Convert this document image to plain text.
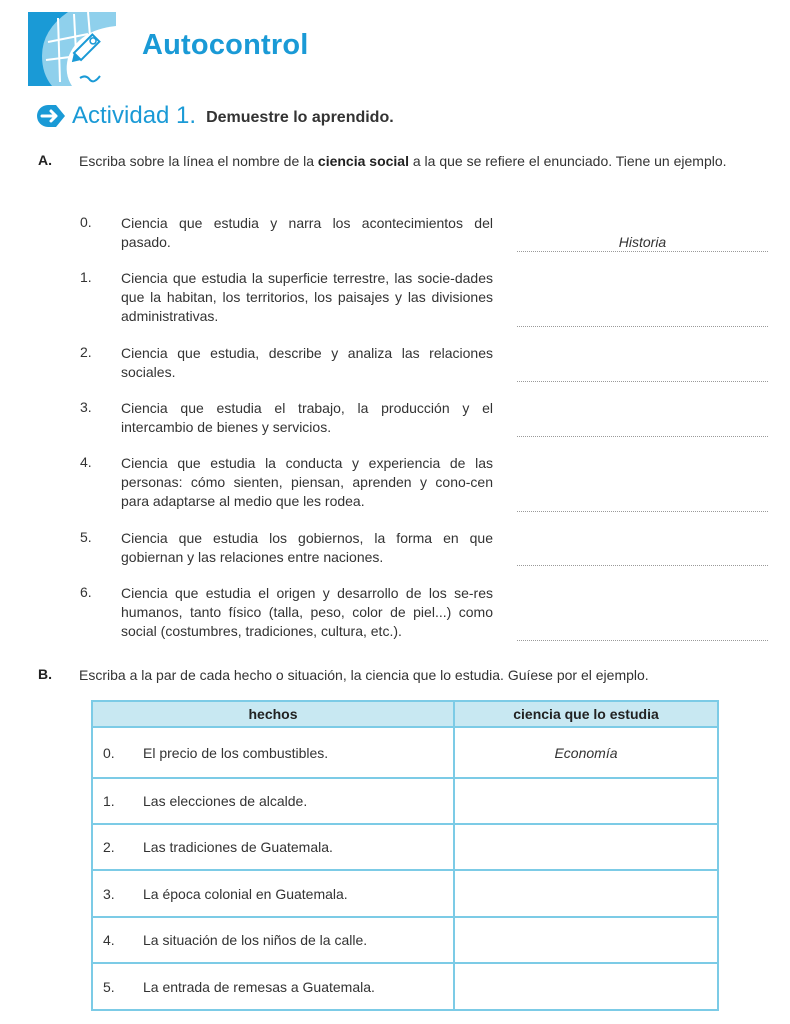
Autocontrol
Actividad 1. Demuestre lo aprendido.
A. Escriba sobre la línea el nombre de la ciencia social a la que se refiere el enunciado. Tiene un ejemplo.
0. Ciencia que estudia y narra los acontecimientos del pasado.	Historia
1. Ciencia que estudia la superficie terrestre, las socie-dades que la habitan, los territorios, los paisajes y las divisiones administrativas.
2. Ciencia que estudia, describe y analiza las relaciones sociales.
3. Ciencia que estudia el trabajo, la producción y el intercambio de bienes y servicios.
4. Ciencia que estudia la conducta y experiencia de las personas: cómo sienten, piensan, aprenden y cono-cen para adaptarse al medio que les rodea.
5. Ciencia que estudia los gobiernos, la forma en que gobiernan y las relaciones entre naciones.
6. Ciencia que estudia el origen y desarrollo de los se-res humanos, tanto físico (talla, peso, color de piel...) como social (costumbres, tradiciones, cultura, etc.).
B. Escriba a la par de cada hecho o situación, la ciencia que lo estudia. Guíese por el ejemplo.
hechos	ciencia que lo estudia
0. El precio de los combustibles.	Economía
1. Las elecciones de alcalde.	
2. Las tradiciones de Guatemala.	
3. La época colonial en Guatemala.	
4. La situación de los niños de la calle.	
5. La entrada de remesas a Guatemala.	
